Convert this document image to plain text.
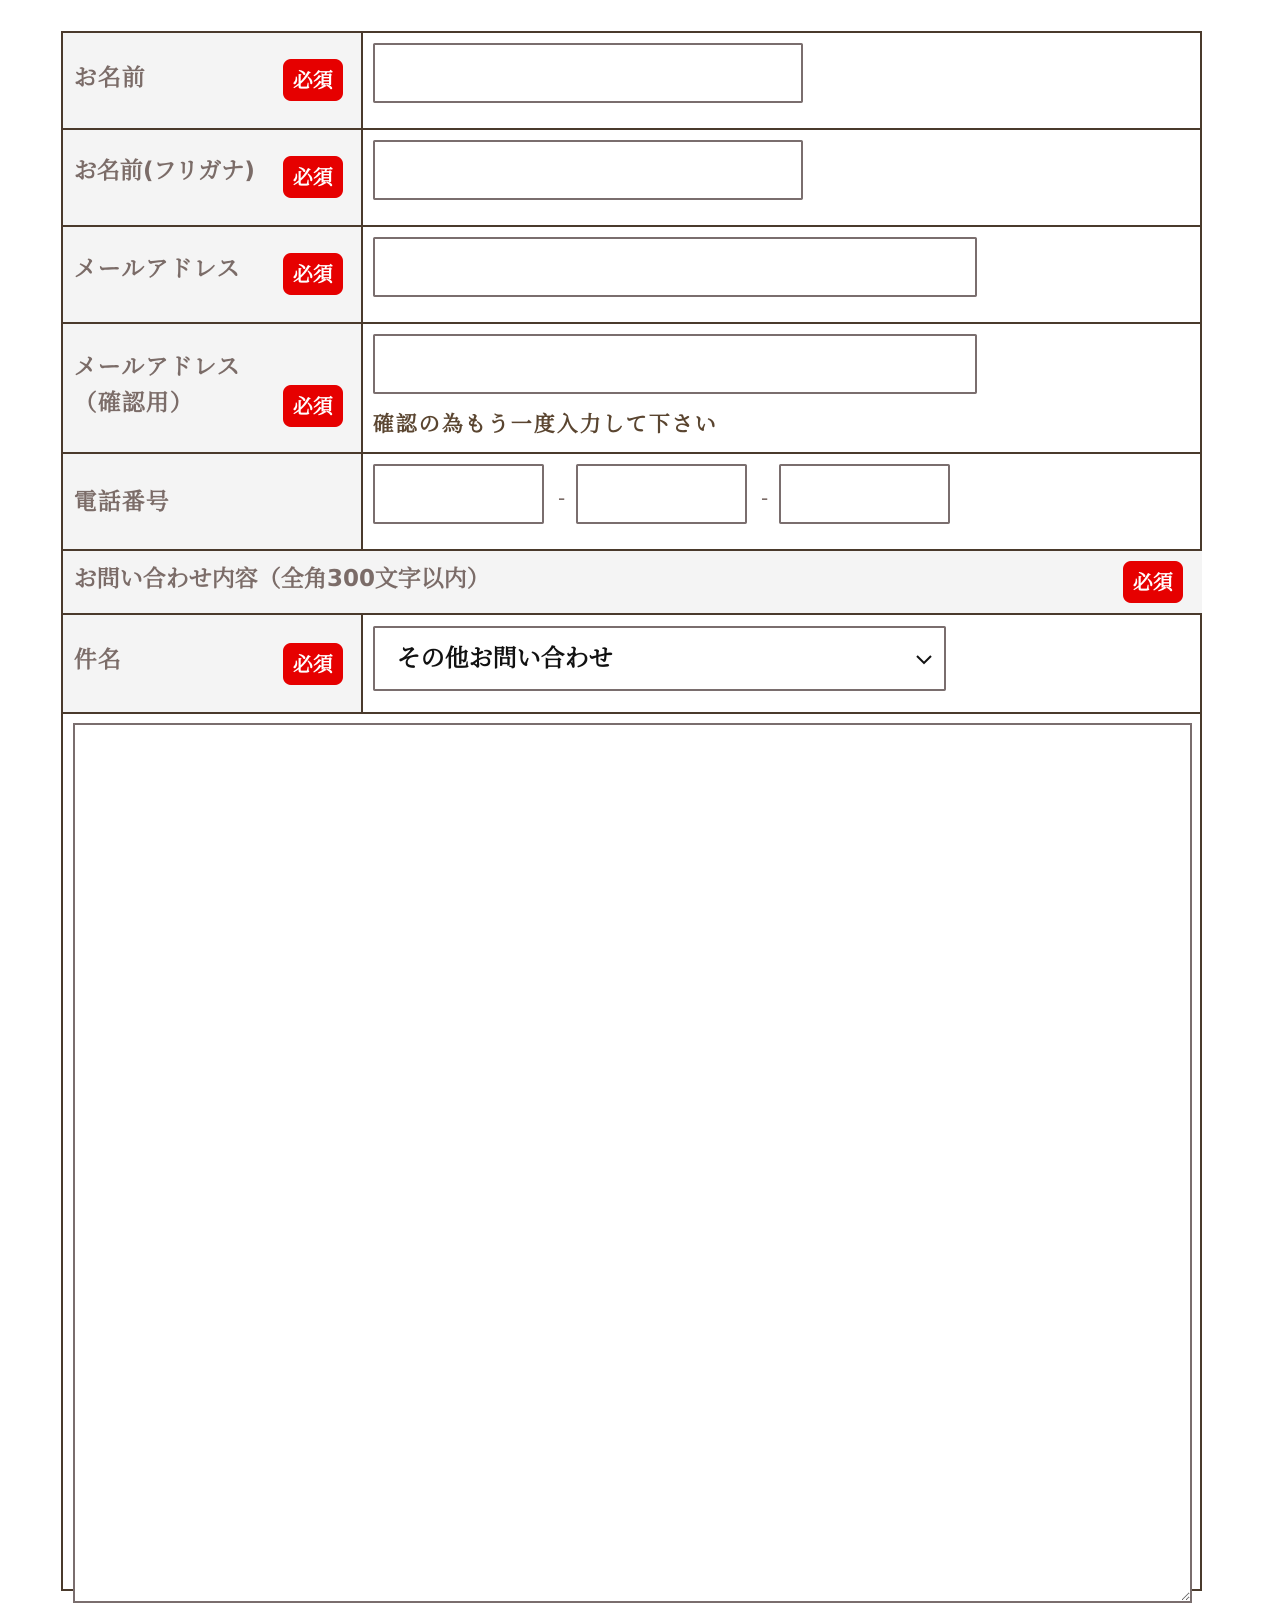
お名前	必須
お名前(フリガナ)	必須
メールアドレス	必須
メールアドレス
（確認用）	必須
確認の為もう一度入力して下さい
電話番号	-	-
お問い合わせ内容（全角300文字以内）	必須
件名	必須	その他お問い合わせ
